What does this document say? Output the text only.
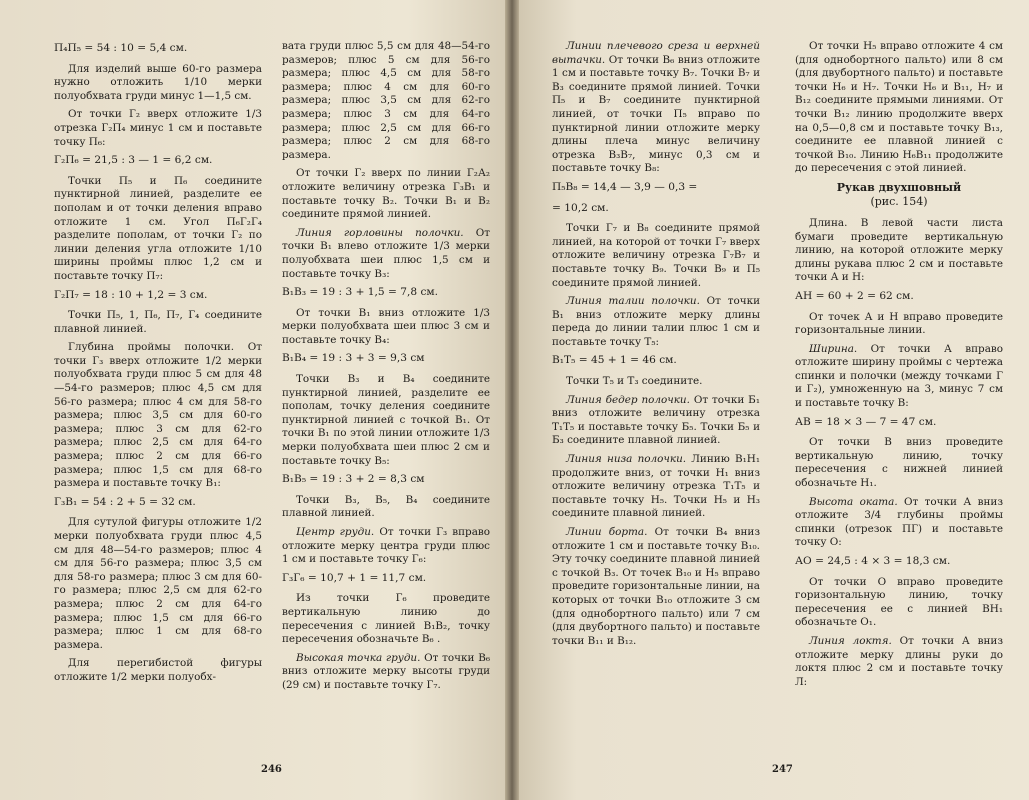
П₄П₅ = 54 : 10 = 5,4 см.

Для изделий выше 60-го размера нужно отложить 1/10 мерки полуобхвата груди минус 1—1,5 см.

От точки Г₂ вверх отложите 1/3 отрезка Г₂П₄ минус 1 см и поставьте точку П₆:

Г₂П₆ = 21,5 : 3 — 1 = 6,2 см.

Точки П₅ и П₆ соедините пунктирной линией, разделите ее пополам и от точки деления вправо отложите 1 см. Угол П₆Г₂Г₄ разделите пополам, от точки Г₂ по линии деления угла отложите 1/10 ширины проймы плюс 1,2 см и поставьте точку П₇:

Г₂П₇ = 18 : 10 + 1,2 = 3 см.

Точки П₅, 1, П₆, П₇, Г₄ соедините плавной линией.

Глубина проймы полочки. От точки Г₃ вверх отложите 1/2 мерки полуобхвата груди плюс 5 см для 48—54-го размеров; плюс 4,5 см для 56-го размера; плюс 4 см для 58-го размера; плюс 3,5 см для 60-го размера; плюс 3 см для 62-го размера; плюс 2,5 см для 64-го размера; плюс 2 см для 66-го размера; плюс 1,5 см для 68-го размера и поставьте точку В₁:

Г₃В₁ = 54 : 2 + 5 = 32 см.

Для сутулой фигуры отложите 1/2 мерки полуобхвата груди плюс 4,5 см для 48—54-го размеров; плюс 4 см для 56-го размера; плюс 3,5 см для 58-го размера; плюс 3 см для 60-го размера; плюс 2,5 см для 62-го размера; плюс 2 см для 64-го размера; плюс 1,5 см для 66-го размера; плюс 1 см для 68-го размера.

Для перегибистой фигуры отложите 1/2 мерки полуобх-

вата груди плюс 5,5 см для 48—54-го размеров; плюс 5 см для 56-го размера; плюс 4,5 см для 58-го размера; плюс 4 см для 60-го размера; плюс 3,5 см для 62-го размера; плюс 3 см для 64-го размера; плюс 2,5 см для 66-го размера; плюс 2 см для 68-го размера.

От точки Г₂ вверх по линии Г₂А₂ отложите величину отрезка Г₃В₁ и поставьте точку В₂. Точки В₁ и В₂ соедините прямой линией.

Линия горловины полочки. От точки В₁ влево отложите 1/3 мерки полуобхвата шеи плюс 1,5 см и поставьте точку В₃:

В₁В₃ = 19 : 3 + 1,5 = 7,8 см.

От точки В₁ вниз отложите 1/3 мерки полуобхвата шеи плюс 3 см и поставьте точку В₄:

В₁В₄ = 19 : 3 + 3 = 9,3 см

Точки В₃ и В₄ соедините пунктирной линией, разделите ее пополам, точку деления соедините пунктирной линией с точкой В₁. От точки В₁ по этой линии отложите 1/3 мерки полуобхвата шеи плюс 2 см и поставьте точку В₅:

В₁В₅ = 19 : 3 + 2 = 8,3 см

Точки В₃, В₅, В₄ соедините плавной линией.

Центр груди. От точки Г₃ вправо отложите мерку центра груди плюс 1 см и поставьте точку Г₆:

Г₃Г₆ = 10,7 + 1 = 11,7 см.

Из точки Г₆ проведите вертикальную линию до пересечения с линией В₁В₂, точку пересечения обозначьте В₆ .

Высокая точка груди. От точки В₆ вниз отложите мерку высоты груди (29 см) и поставьте точку Г₇.

246

Линии плечевого среза и верхней вытачки. От точки В₆ вниз отложите 1 см и поставьте точку В₇. Точки В₇ и В₃ соедините прямой линией. Точки П₅ и В₇ соедините пунктирной линией, от точки П₅ вправо по пунктирной линии отложите мерку длины плеча минус величину отрезка В₃В₇, минус 0,3 см и поставьте точку В₈:

П₅В₈ = 14,4 — 3,9 — 0,3 =

= 10,2 см.

Точки Г₇ и В₈ соедините прямой линией, на которой от точки Г₇ вверх отложите величину отрезка Г₇В₇ и поставьте точку В₉. Точки В₉ и П₅ соедините прямой линией.

Линия талии полочки. От точки В₁ вниз отложите мерку длины переда до линии талии плюс 1 см и поставьте точку Т₅:

В₁Т₅ = 45 + 1 = 46 см.

Точки Т₅ и Т₃ соедините.

Линия бедер полочки. От точки Б₁ вниз отложите величину отрезка Т₁Т₅ и поставьте точку Б₅. Точки Б₅ и Б₃ соедините плавной линией.

Линия низа полочки. Линию В₁Н₁ продолжите вниз, от точки Н₁ вниз отложите величину отрезка Т₁Т₅ и поставьте точку Н₅. Точки Н₅ и Н₃ соедините плавной линией.

Линии борта. От точки В₄ вниз отложите 1 см и поставьте точку В₁₀. Эту точку соедините плавной линией с точкой В₃. От точек В₁₀ и Н₅ вправо проведите горизонтальные линии, на которых от точки В₁₀ отложите 3 см (для однобортного пальто) или 7 см (для двубортного пальто) и поставьте точки В₁₁ и В₁₂.

От точки Н₅ вправо отложите 4 см (для однобортного пальто) или 8 см (для двубортного пальто) и поставьте точки Н₆ и Н₇. Точки Н₆ и В₁₁, Н₇ и В₁₂ соедините прямыми линиями. От точки В₁₂ линию продолжите вверх на 0,5—0,8 см и поставьте точку В₁₃, соедините ее плавной линией с точкой В₁₀. Линию Н₆В₁₁ продолжите до пересечения с этой линией.

Рукав двухшовный
(рис. 154)

Длина. В левой части листа бумаги проведите вертикальную линию, на которой отложите мерку длины рукава плюс 2 см и поставьте точки А и Н:

АН = 60 + 2 = 62 см.

От точек А и Н вправо проведите горизонтальные линии.

Ширина. От точки А вправо отложите ширину проймы с чертежа спинки и полочки (между точками Г и Г₂), умноженную на 3, минус 7 см и поставьте точку В:

АВ = 18 × 3 — 7 = 47 см.

От точки В вниз проведите вертикальную линию, точку пересечения с нижней линией обозначьте Н₁.

Высота оката. От точки А вниз отложите 3/4 глубины проймы спинки (отрезок ПГ) и поставьте точку О:

АО = 24,5 : 4 × 3 = 18,3 см.

От точки О вправо проведите горизонтальную линию, точку пересечения ее с линией ВН₁ обозначьте О₁.

Линия локтя. От точки А вниз отложите мерку длины руки до локтя плюс 2 см и поставьте точку Л:

247
